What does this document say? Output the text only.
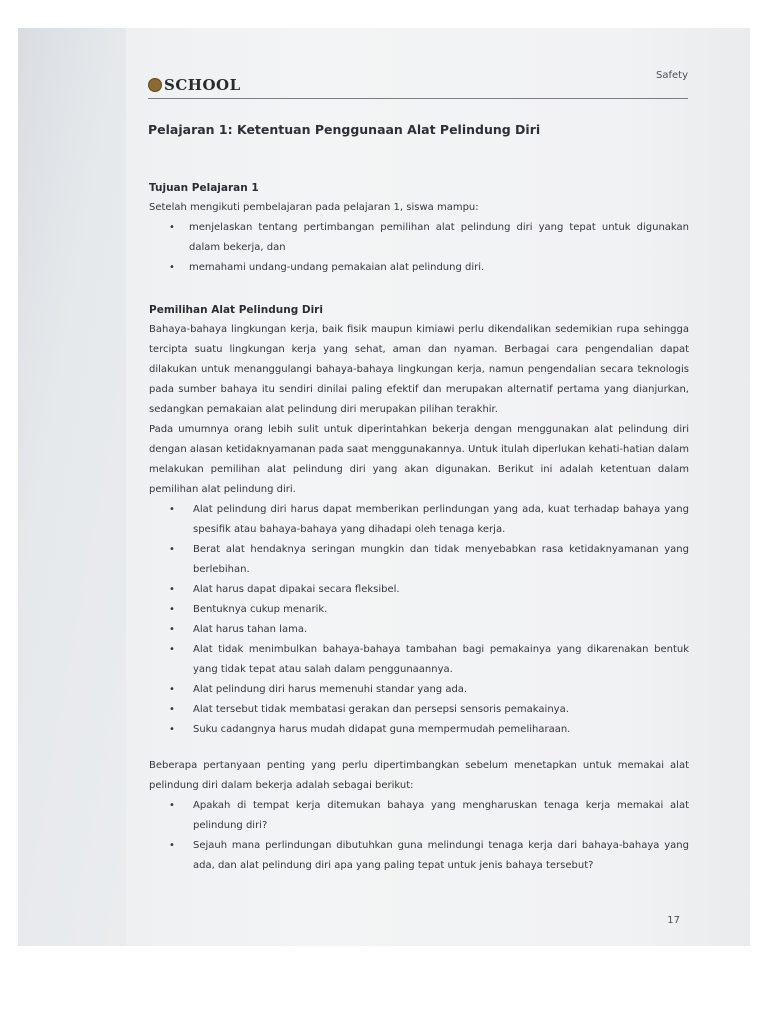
SCHOOL
Safety
Pelajaran 1: Ketentuan Penggunaan Alat Pelindung Diri
Tujuan Pelajaran 1

Setelah mengikuti pembelajaran pada pelajaran 1, siswa mampu:

• menjelaskan tentang pertimbangan pemilihan alat pelindung diri yang tepat untuk digunakan dalam bekerja, dan
• memahami undang-undang pemakaian alat pelindung diri.
Pemilihan Alat Pelindung Diri

Bahaya-bahaya lingkungan kerja, baik fisik maupun kimiawi perlu dikendalikan sedemikian rupa sehingga tercipta suatu lingkungan kerja yang sehat, aman dan nyaman. Berbagai cara pengendalian dapat dilakukan untuk menanggulangi bahaya-bahaya lingkungan kerja, namun pengendalian secara teknologis pada sumber bahaya itu sendiri dinilai paling efektif dan merupakan alternatif pertama yang dianjurkan, sedangkan pemakaian alat pelindung diri merupakan pilihan terakhir.

Pada umumnya orang lebih sulit untuk diperintahkan bekerja dengan menggunakan alat pelindung diri dengan alasan ketidaknyamanan pada saat menggunakannya. Untuk itulah diperlukan kehati-hatian dalam melakukan pemilihan alat pelindung diri yang akan digunakan. Berikut ini adalah ketentuan dalam pemilihan alat pelindung diri.

• Alat pelindung diri harus dapat memberikan perlindungan yang ada, kuat terhadap bahaya yang spesifik atau bahaya-bahaya yang dihadapi oleh tenaga kerja.
• Berat alat hendaknya seringan mungkin dan tidak menyebabkan rasa ketidaknyamanan yang berlebihan.
• Alat harus dapat dipakai secara fleksibel.
• Bentuknya cukup menarik.
• Alat harus tahan lama.
• Alat tidak menimbulkan bahaya-bahaya tambahan bagi pemakainya yang dikarenakan bentuk yang tidak tepat atau salah dalam penggunaannya.
• Alat pelindung diri harus memenuhi standar yang ada.
• Alat tersebut tidak membatasi gerakan dan persepsi sensoris pemakainya.
• Suku cadangnya harus mudah didapat guna mempermudah pemeliharaan.

Beberapa pertanyaan penting yang perlu dipertimbangkan sebelum menetapkan untuk memakai alat pelindung diri dalam bekerja adalah sebagai berikut:

• Apakah di tempat kerja ditemukan bahaya yang mengharuskan tenaga kerja memakai alat pelindung diri?
• Sejauh mana perlindungan dibutuhkan guna melindungi tenaga kerja dari bahaya-bahaya yang ada, dan alat pelindung diri apa yang paling tepat untuk jenis bahaya tersebut?
17
